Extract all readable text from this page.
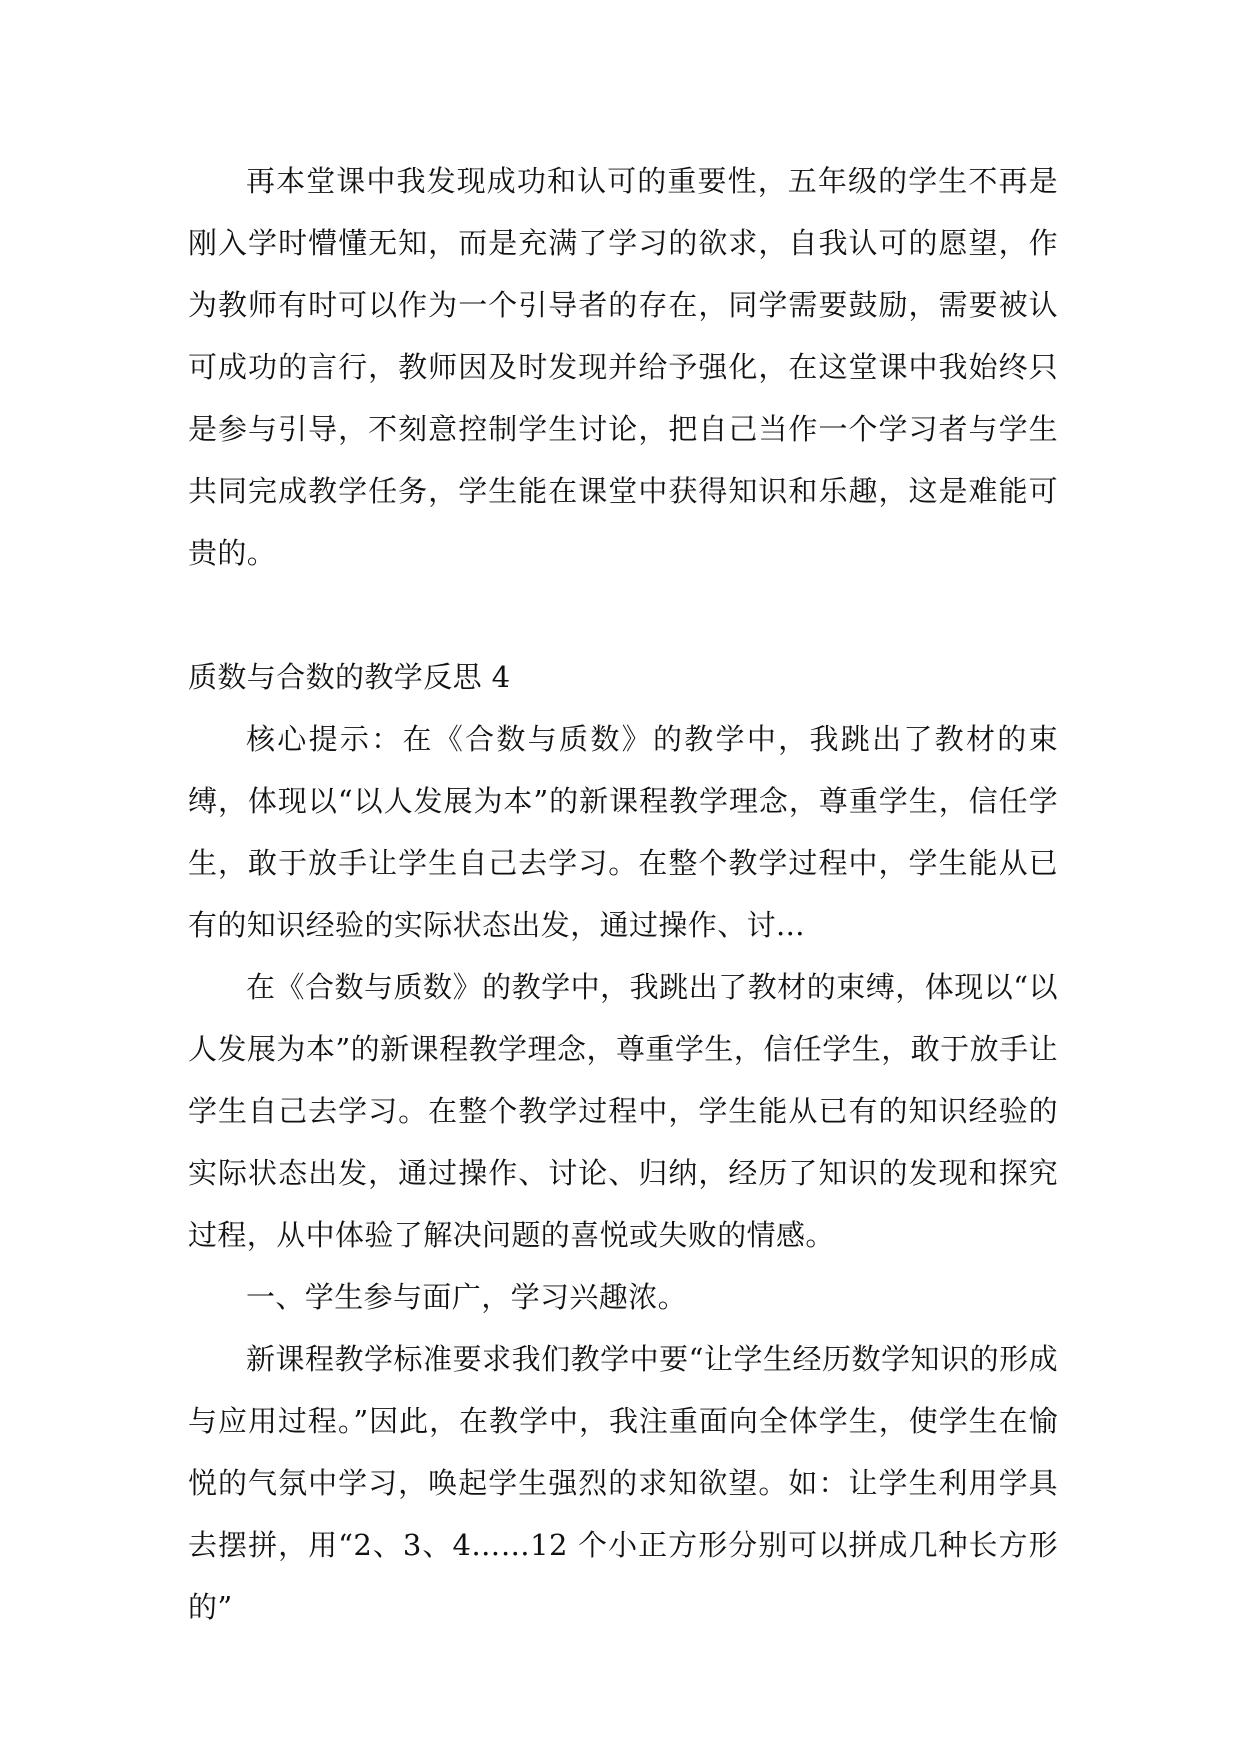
再本堂课中我发现成功和认可的重要性，五年级的学生不再是刚入学时懵懂无知，而是充满了学习的欲求，自我认可的愿望，作为教师有时可以作为一个引导者的存在，同学需要鼓励，需要被认可成功的言行，教师因及时发现并给予强化，在这堂课中我始终只是参与引导，不刻意控制学生讨论，把自己当作一个学习者与学生共同完成教学任务，学生能在课堂中获得知识和乐趣，这是难能可贵的。

质数与合数的教学反思 4

核心提示：在《合数与质数》的教学中，我跳出了教材的束缚，体现以“以人发展为本”的新课程教学理念，尊重学生，信任学生，敢于放手让学生自己去学习。在整个教学过程中，学生能从已有的知识经验的实际状态出发，通过操作、讨...

在《合数与质数》的教学中，我跳出了教材的束缚，体现以“以人发展为本”的新课程教学理念，尊重学生，信任学生，敢于放手让学生自己去学习。在整个教学过程中，学生能从已有的知识经验的实际状态出发，通过操作、讨论、归纳，经历了知识的发现和探究过程，从中体验了解决问题的喜悦或失败的情感。

一、学生参与面广，学习兴趣浓。

新课程教学标准要求我们教学中要“让学生经历数学知识的形成与应用过程。”因此，在教学中，我注重面向全体学生，使学生在愉悦的气氛中学习，唤起学生强烈的求知欲望。如：让学生利用学具去摆拼，用“2、3、4……12 个小正方形分别可以拼成几种长方形的”
